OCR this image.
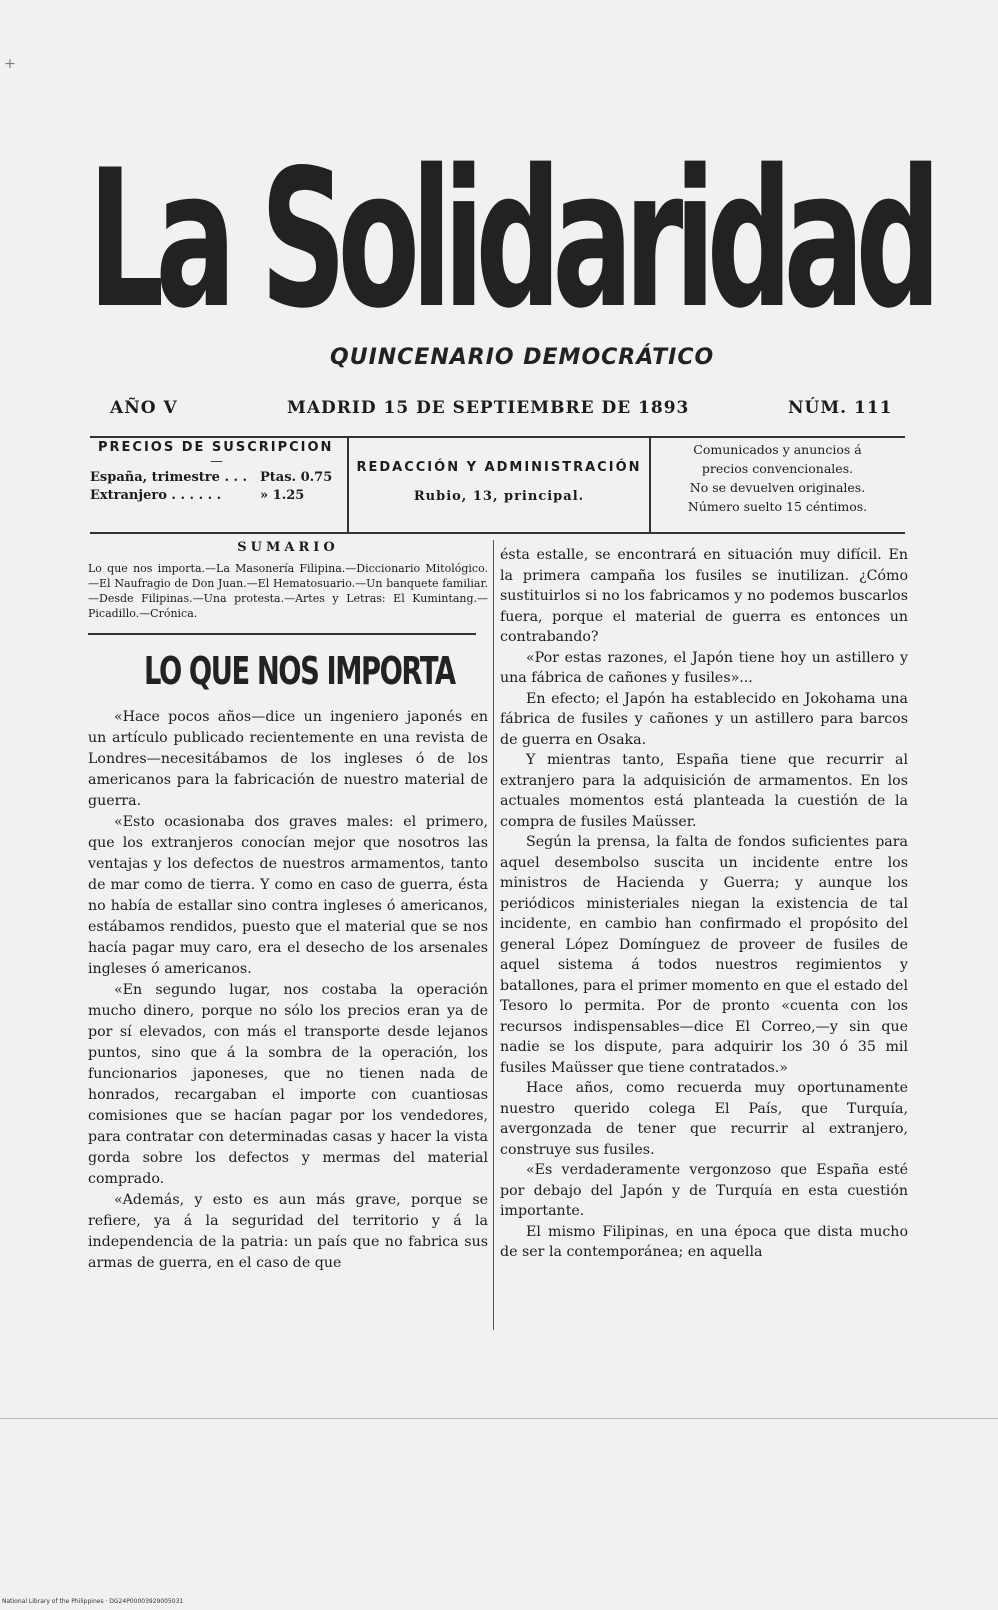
+
La Solidaridad
QUINCENARIO DEMOCRÁTICO
AÑO V	MADRID 15 DE SEPTIEMBRE DE 1893	NÚM. 111
PRECIOS DE SUSCRIPCION
—
España, trimestre . . . Ptas. 0.75
Extranjero . . . . . .	» 1.25
REDACCIÓN Y ADMINISTRACIÓN
Rubio, 13, principal.
Comunicados y anuncios á
precios convencionales.
No se devuelven originales.
Número suelto 15 céntimos.
SUMARIO

Lo que nos importa.—La Masonería Filipina.—Diccionario Mitológico.—El Naufragio de Don Juan.—El Hematosuario.—Un banquete familiar.—Desde Filipinas.—Una protesta.—Artes y Letras: El Kumintang.—Picadillo.—Crónica.

LO QUE NOS IMPORTA

«Hace pocos años—dice un ingeniero japonés en un artículo publicado recientemente en una revista de Londres—necesitábamos de los ingleses ó de los americanos para la fabricación de nuestro material de guerra.

«Esto ocasionaba dos graves males: el primero, que los extranjeros conocían mejor que nosotros las ventajas y los defectos de nuestros armamentos, tanto de mar como de tierra. Y como en caso de guerra, ésta no había de estallar sino contra ingleses ó americanos, estábamos rendidos, puesto que el material que se nos hacía pagar muy caro, era el desecho de los arsenales ingleses ó americanos.

«En segundo lugar, nos costaba la operación mucho dinero, porque no sólo los precios eran ya de por sí elevados, con más el transporte desde lejanos puntos, sino que á la sombra de la operación, los funcionarios japoneses, que no tienen nada de honrados, recargaban el importe con cuantiosas comisiones que se hacían pagar por los vendedores, para contratar con determinadas casas y hacer la vista gorda sobre los defectos y mermas del material comprado.

«Además, y esto es aun más grave, porque se refiere, ya á la seguridad del territorio y á la independencia de la patria: un país que no fabrica sus armas de guerra, en el caso de que

ésta estalle, se encontrará en situación muy difícil. En la primera campaña los fusiles se inutilizan. ¿Cómo sustituirlos si no los fabricamos y no podemos buscarlos fuera, porque el material de guerra es entonces un contrabando?

«Por estas razones, el Japón tiene hoy un astillero y una fábrica de cañones y fusiles»...

En efecto; el Japón ha establecido en Jokohama una fábrica de fusiles y cañones y un astillero para barcos de guerra en Osaka.

Y mientras tanto, España tiene que recurrir al extranjero para la adquisición de armamentos. En los actuales momentos está planteada la cuestión de la compra de fusiles Maüsser.

Según la prensa, la falta de fondos suficientes para aquel desembolso suscita un incidente entre los ministros de Hacienda y Guerra; y aunque los periódicos ministeriales niegan la existencia de tal incidente, en cambio han confirmado el propósito del general López Domínguez de proveer de fusiles de aquel sistema á todos nuestros regimientos y batallones, para el primer momento en que el estado del Tesoro lo permita. Por de pronto «cuenta con los recursos indispensables—dice El Correo,—y sin que nadie se los dispute, para adquirir los 30 ó 35 mil fusiles Maüsser que tiene contratados.»

Hace años, como recuerda muy oportunamente nuestro querido colega El País, que Turquía, avergonzada de tener que recurrir al extranjero, construye sus fusiles.

«Es verdaderamente vergonzoso que España esté por debajo del Japón y de Turquía en esta cuestión importante.

El mismo Filipinas, en una época que dista mucho de ser la contemporánea; en aquella

National Library of the Philippines · DG24P00003929005031
